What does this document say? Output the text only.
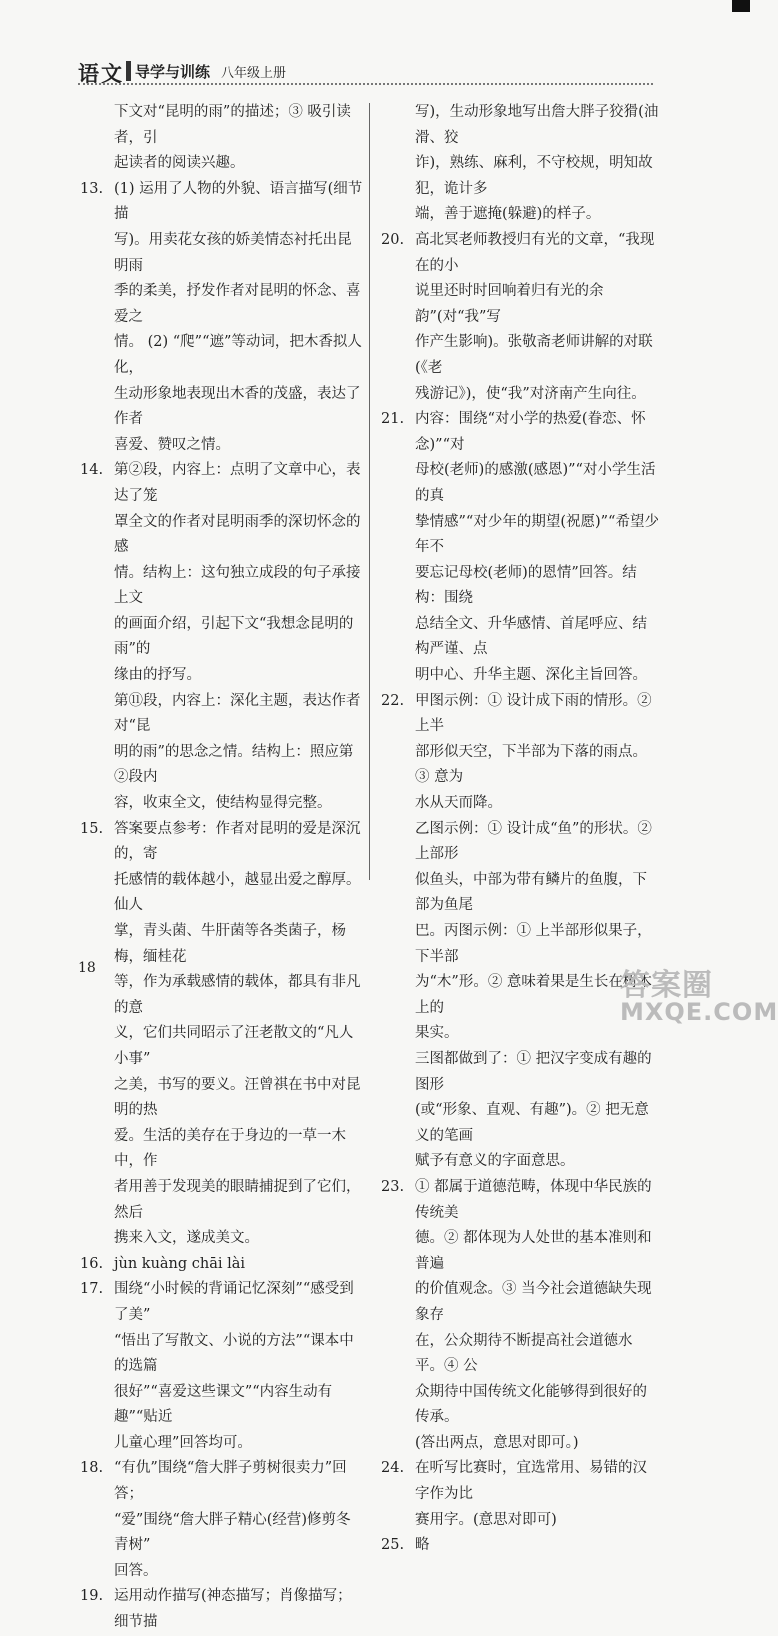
语文 导学与训练 八年级上册
下文对“昆明的雨”的描述；③ 吸引读者，引
起读者的阅读兴趣。
13. (1) 运用了人物的外貌、语言描写(细节描
写)。用卖花女孩的娇美情态衬托出昆明雨
季的柔美，抒发作者对昆明的怀念、喜爱之
情。 (2) “爬”“遮”等动词，把木香拟人化，
生动形象地表现出木香的茂盛，表达了作者
喜爱、赞叹之情。
14. 第②段，内容上：点明了文章中心，表达了笼
罩全文的作者对昆明雨季的深切怀念的感
情。结构上：这句独立成段的句子承接上文
的画面介绍，引起下文“我想念昆明的雨”的
缘由的抒写。
第⑪段，内容上：深化主题，表达作者对“昆
明的雨”的思念之情。结构上：照应第②段内
容，收束全文，使结构显得完整。
15. 答案要点参考：作者对昆明的爱是深沉的，寄
托感情的载体越小，越显出爱之醇厚。仙人
掌，青头菌、牛肝菌等各类菌子，杨梅，缅桂花
等，作为承载感情的载体，都具有非凡的意
义，它们共同昭示了汪老散文的“凡人小事”
之美，书写的要义。汪曾祺在书中对昆明的热
爱。生活的美存在于身边的一草一木中，作
者用善于发现美的眼睛捕捉到了它们，然后
携来入文，遂成美文。
16. jùn kuàng chāi lài
17. 围绕“小时候的背诵记忆深刻”“感受到了美”
“悟出了写散文、小说的方法”“课本中的选篇
很好”“喜爱这些课文”“内容生动有趣”“贴近
儿童心理”回答均可。
18. “有仇”围绕“詹大胖子剪树很卖力”回答；
“爱”围绕“詹大胖子精心(经营)修剪冬青树”
回答。
19. 运用动作描写(神态描写；肖像描写；细节描
写)，生动形象地写出詹大胖子狡猾(油滑、狡
诈)，熟练、麻利，不守校规，明知故犯，诡计多
端，善于遮掩(躲避)的样子。
20. 高北冥老师教授归有光的文章，“我现在的小
说里还时时回响着归有光的余韵”(对“我”写
作产生影响)。张敬斋老师讲解的对联(《老
残游记》)，使“我”对济南产生向往。
21. 内容：围绕“对小学的热爱(眷恋、怀念)”“对
母校(老师)的感激(感恩)”“对小学生活的真
挚情感”“对少年的期望(祝愿)”“希望少年不
要忘记母校(老师)的恩情”回答。结构：围绕
总结全文、升华感情、首尾呼应、结构严谨、点
明中心、升华主题、深化主旨回答。
22. 甲图示例：① 设计成下雨的情形。② 上半
部形似天空，下半部为下落的雨点。③ 意为
水从天而降。
乙图示例：① 设计成“鱼”的形状。② 上部形
似鱼头，中部为带有鳞片的鱼腹，下部为鱼尾
巴。丙图示例：① 上半部形似果子，下半部
为“木”形。② 意味着果是生长在树木上的
果实。
三图都做到了：① 把汉字变成有趣的图形
(或“形象、直观、有趣”)。② 把无意义的笔画
赋予有意义的字面意思。
23. ① 都属于道德范畴，体现中华民族的传统美
德。② 都体现为人处世的基本准则和普遍
的价值观念。③ 当今社会道德缺失现象存
在，公众期待不断提高社会道德水平。④ 公
众期待中国传统文化能够得到很好的传承。
(答出两点，意思对即可。)
24. 在听写比赛时，宜选常用、易错的汉字作为比
赛用字。(意思对即可)
25. 略
18	答案圈
MXQE.COM
